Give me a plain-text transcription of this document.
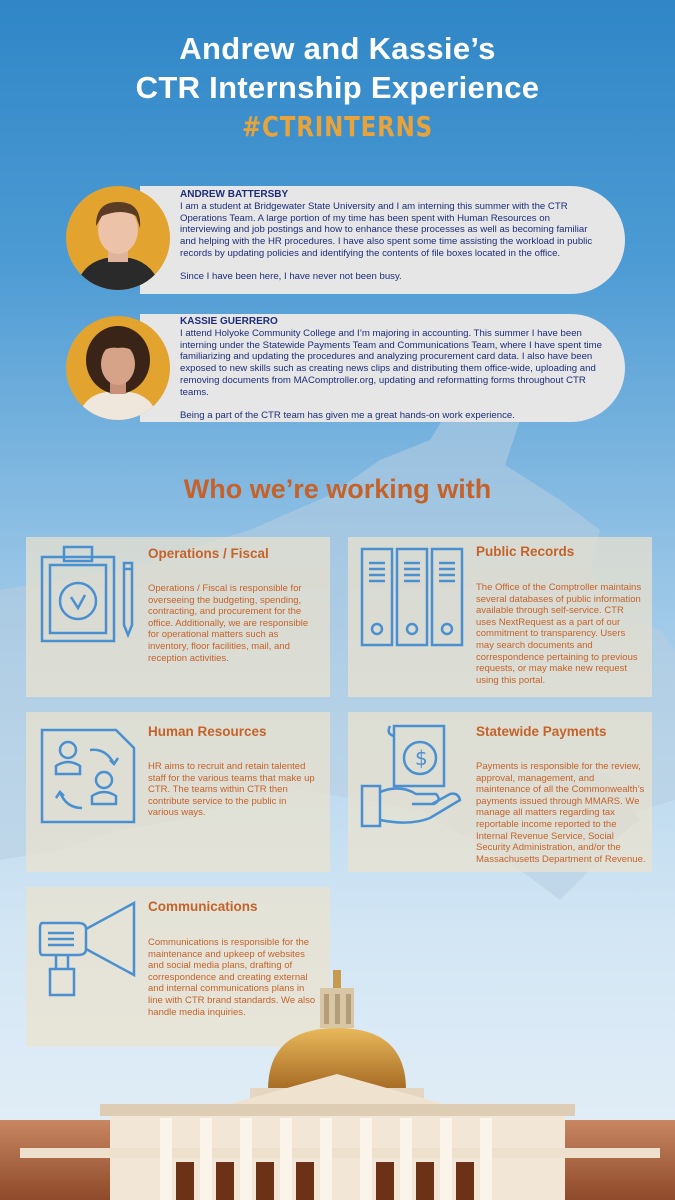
Andrew and Kassie’s
CTR Internship Experience
#CTRINTERNS
ANDREW BATTERSBY

I am a student at Bridgewater State University and I am interning this summer with the CTR Operations Team. A large portion of my time has been spent with Human Resources on interviewing and job postings and how to enhance these processes as well as becoming familiar and helping with the HR procedures. I have also spent some time assisting the workload in public records by updating policies and identifying the contents of file boxes located in the office.

Since I have been here, I have never not been busy.

KASSIE GUERRERO

I attend Holyoke Community College and I’m majoring in accounting. This summer I have been interning under the Statewide Payments Team and Communications Team, where I have spent time familiarizing and updating the procedures and analyzing procurement card data. I also have been exposed to new skills such as creating news clips and distributing them office-wide, uploading and removing documents from MAComptroller.org, updating and reformatting forms throughout CTR teams.

Being a part of the CTR team has given me a great hands-on work experience.

Who we’re working with
Operations / Fiscal
Operations / Fiscal is responsible for overseeing the budgeting, spending, contracting, and procurement for the office. Additionally, we are responsible for operational matters such as inventory, floor facilities, mail, and reception activities.
Public Records
The Office of the Comptroller maintains several databases of public information available through self-service. CTR uses NextRequest as a part of our commitment to transparency. Users may search documents and correspondence pertaining to previous requests, or may make new request using this portal.
Human Resources
HR aims to recruit and retain talented staff for the various teams that make up CTR. The teams within CTR then contribute service to the public in various ways.
$
Statewide Payments
Payments is responsible for the review, approval, management, and maintenance of all the Commonwealth’s payments issued through MMARS. We manage all matters regarding tax reportable income reported to the Internal Revenue Service, Social Security Administration, and/or the Massachusetts Department of Revenue.
Communications
Communications is responsible for the maintenance and upkeep of websites and social media plans, drafting of correspondence and creating external and internal communications plans in line with CTR brand standards. We also handle media inquiries.
